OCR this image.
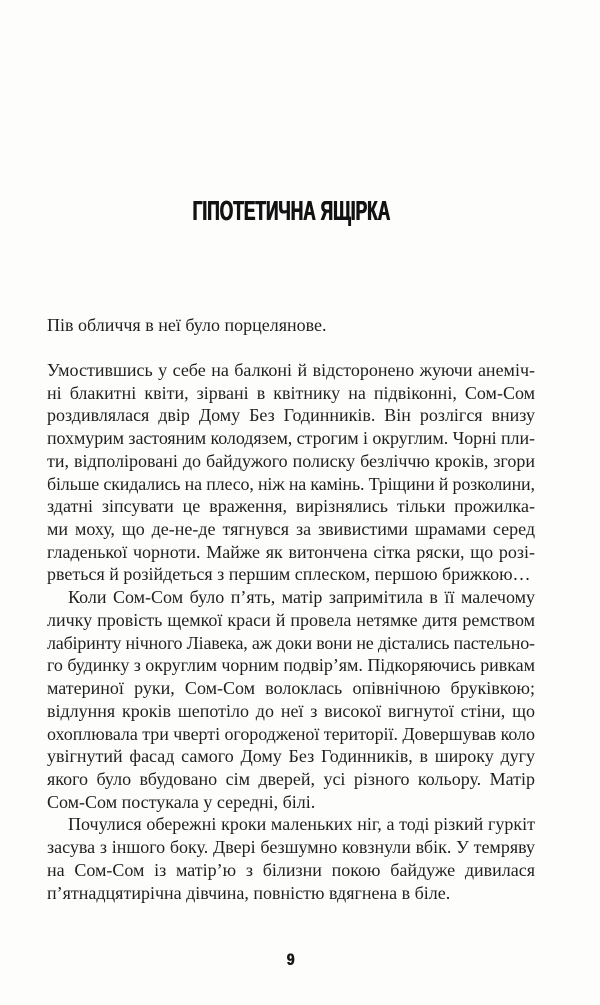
ГІПОТЕТИЧНА ЯЩІРКА
Пів обличчя в неї було порцелянове.
Умостившись у себе на балконі й відсторонено жуючи анеміч-
ні блакитні квіти, зірвані в квітнику на підвіконні, Сом-Сом
роздивлялася двір Дому Без Годинників. Він розлігся внизу
похмурим застояним колодязем, строгим і округлим. Чорні пли-
ти, відполіровані до байдужого полиску безліччю кроків, згори
більше скидались на плесо, ніж на камінь. Тріщини й розколини,
здатні зіпсувати це враження, вирізнялись тільки прожилка-
ми моху, що де-не-де тягнувся за звивистими шрамами серед
гладенької чорноти. Майже як витончена сітка ряски, що розі-
рветься й розійдеться з першим сплеском, першою брижкою…
Коли Сом-Сом було п’ять, матір запримітила в її малечому
личку провість щемкої краси й провела нетямке дитя ремством
лабіринту нічного Ліавека, аж доки вони не дістались пастельно-
го будинку з округлим чорним подвір’ям. Підкоряючись ривкам
материної руки, Сом-Сом волоклась опівнічною бруківкою;
відлуння кроків шепотіло до неї з високої вигнутої стіни, що
охоплювала три чверті огородженої території. Довершував коло
увігнутий фасад самого Дому Без Годинників, в широку дугу
якого було вбудовано сім дверей, усі різного кольору. Матір
Сом-Сом постукала у середні, білі.
Почулися обережні кроки маленьких ніг, а тоді різкий гуркіт
засува з іншого боку. Двері безшумно ковзнули вбік. У темряву
на Сом-Сом із матір’ю з білизни покою байдуже дивилася
п’ятнадцятирічна дівчина, повністю вдягнена в біле.
9
